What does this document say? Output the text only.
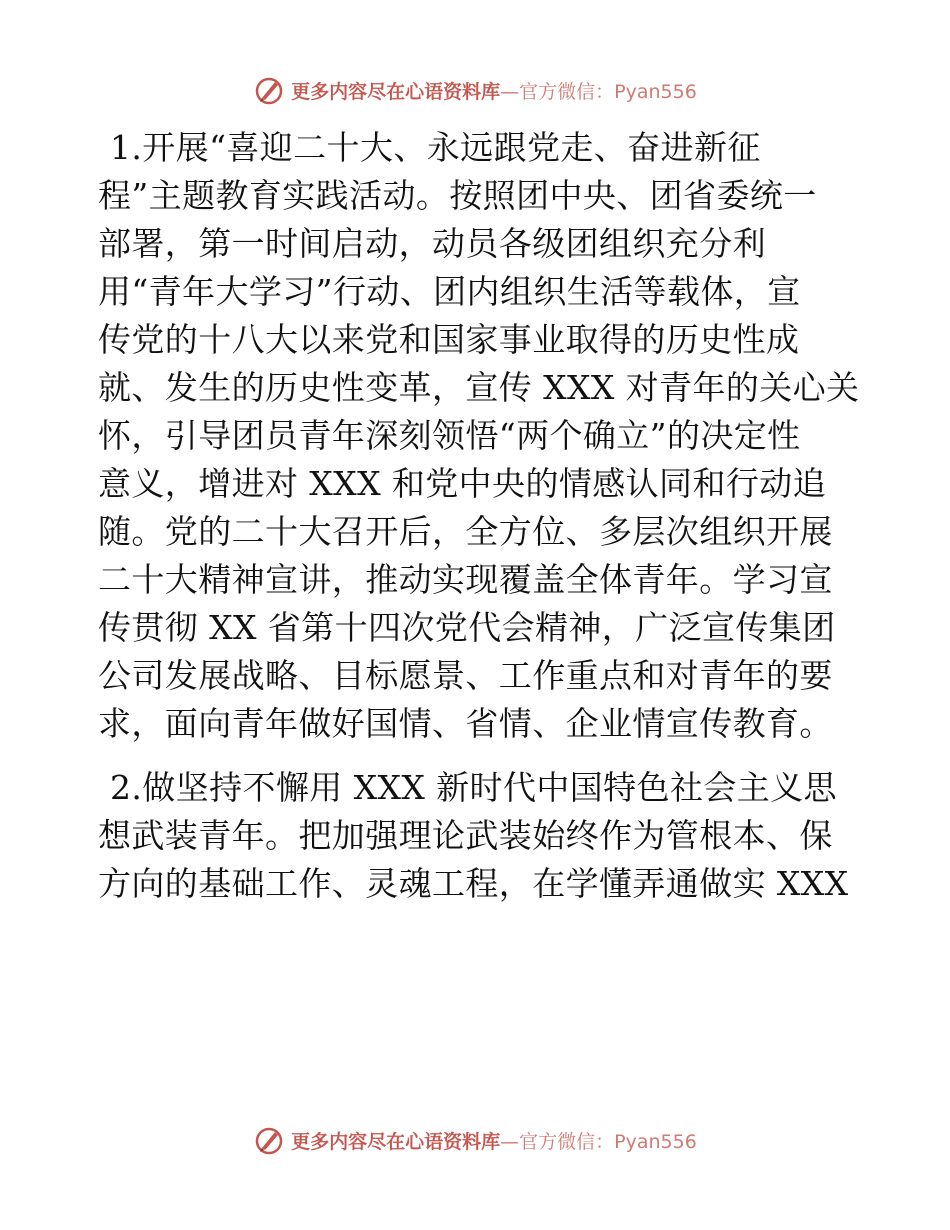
更多内容尽在心语资料库—官方微信：Pyan556

1.开展“喜迎二十大、永远跟党走、奋进新征
程”主题教育实践活动。按照团中央、团省委统一
部署，第一时间启动，动员各级团组织充分利
用“青年大学习”行动、团内组织生活等载体，宣
传党的十八大以来党和国家事业取得的历史性成
就、发生的历史性变革，宣传 XXX 对青年的关心关
怀，引导团员青年深刻领悟“两个确立”的决定性
意义，增进对 XXX 和党中央的情感认同和行动追
随。党的二十大召开后，全方位、多层次组织开展
二十大精神宣讲，推动实现覆盖全体青年。学习宣
传贯彻 XX 省第十四次党代会精神，广泛宣传集团
公司发展战略、目标愿景、工作重点和对青年的要
求，面向青年做好国情、省情、企业情宣传教育。

2.做坚持不懈用 XXX 新时代中国特色社会主义思
想武装青年。把加强理论武装始终作为管根本、保
方向的基础工作、灵魂工程，在学懂弄通做实 XXX

更多内容尽在心语资料库—官方微信：Pyan556
